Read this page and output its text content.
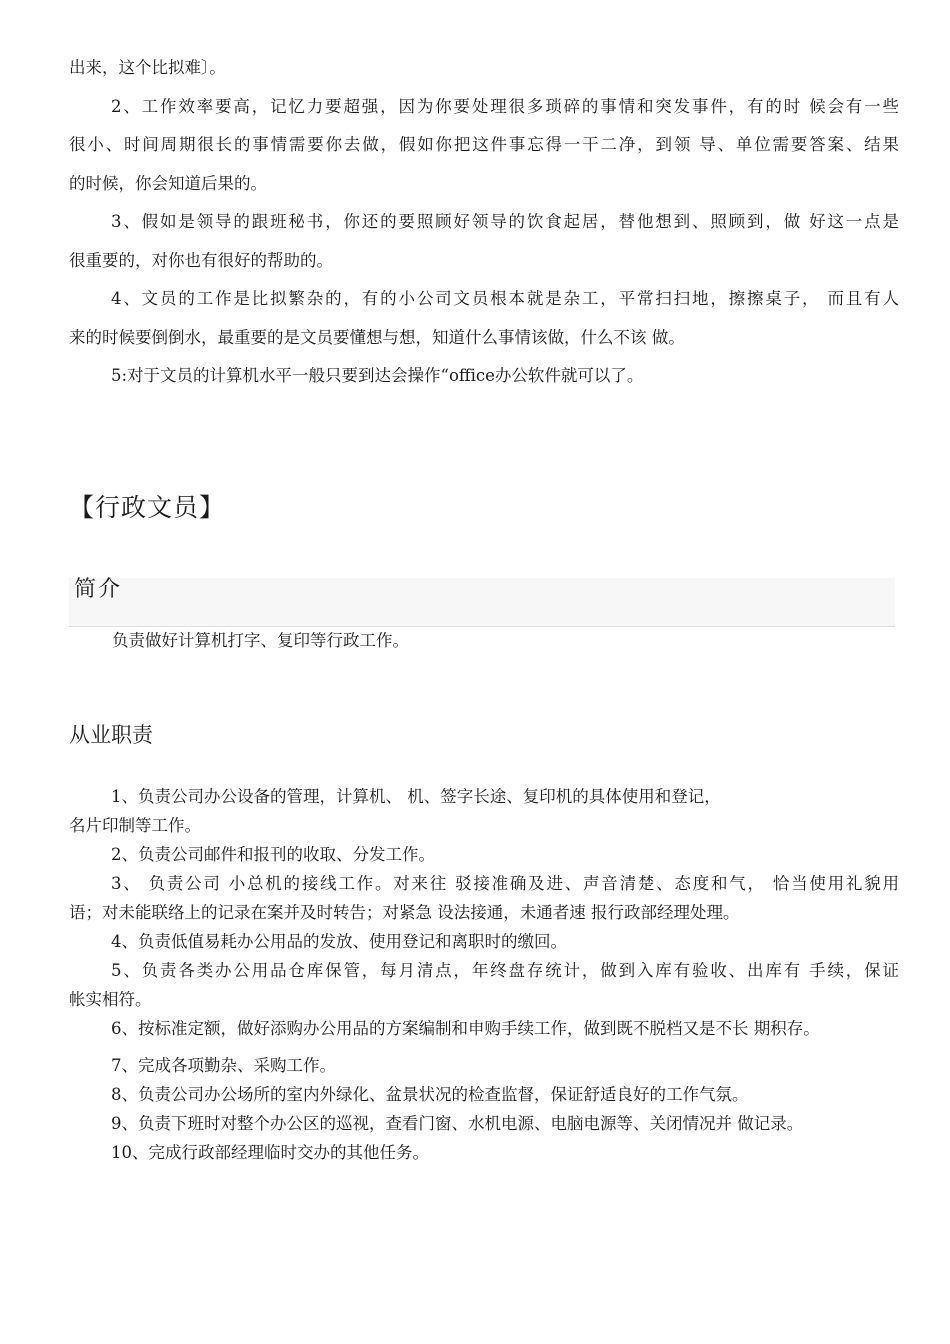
出来，这个比拟难〕。
2、工作效率要高，记忆力要超强，因为你要处理很多琐碎的事情和突发事件，有的时 候会有一些
很小、时间周期很长的事情需要你去做，假如你把这件事忘得一干二净，到领 导、单位需要答案、结果
的时候，你会知道后果的。
3、假如是领导的跟班秘书，你还的要照顾好领导的饮食起居，替他想到、照顾到，做 好这一点是
很重要的，对你也有很好的帮助的。
4、文员的工作是比拟繁杂的，有的小公司文员根本就是杂工，平常扫扫地，擦擦桌子， 而且有人
来的时候要倒倒水，最重要的是文员要懂想与想，知道什么事情该做，什么不该 做。
5:对于文员的计算机水平一般只要到达会操作“office办公软件就可以了。
【行政文员】
简介
负责做好计算机打字、复印等行政工作。
从业职责
1、负责公司办公设备的管理，计算机、 机、签字长途、复印机的具体使用和登记，
名片印制等工作。
2、负责公司邮件和报刊的收取、分发工作。
3、 负责公司 小总机的接线工作。对来往 驳接准确及进、声音清楚、态度和气， 恰当使用礼貌用
语；对未能联络上的记录在案并及时转告；对紧急 设法接通，未通者速 报行政部经理处理。
4、负责低值易耗办公用品的发放、使用登记和离职时的缴回。
5、负责各类办公用品仓库保管，每月清点，年终盘存统计，做到入库有验收、出库有 手续，保证
帐实相符。
6、按标准定额，做好添购办公用品的方案编制和申购手续工作，做到既不脱档又是不长 期积存。
7、完成各项勤杂、采购工作。
8、负责公司办公场所的室内外绿化、盆景状况的检查监督，保证舒适良好的工作气氛。
9、负责下班时对整个办公区的巡视，查看门窗、水机电源、电脑电源等、关闭情况并 做记录。
10、完成行政部经理临时交办的其他任务。
